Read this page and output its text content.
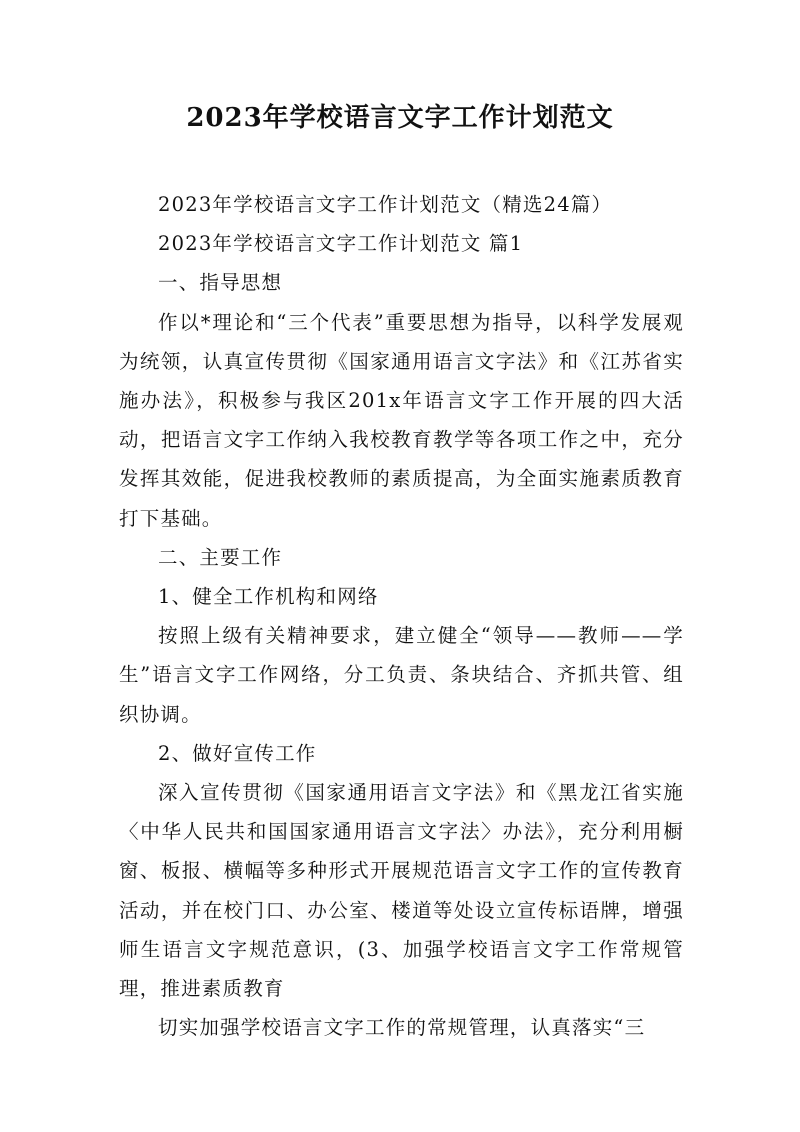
2023年学校语言文字工作计划范文

2023年学校语言文字工作计划范文（精选24篇）

2023年学校语言文字工作计划范文 篇1

一、指导思想

作以*理论和“三个代表”重要思想为指导，以科学发展观为统领，认真宣传贯彻《国家通用语言文字法》和《江苏省实施办法》，积极参与我区201x年语言文字工作开展的四大活动，把语言文字工作纳入我校教育教学等各项工作之中，充分发挥其效能，促进我校教师的素质提高，为全面实施素质教育打下基础。

二、主要工作

1、健全工作机构和网络

按照上级有关精神要求，建立健全“领导——教师——学生”语言文字工作网络，分工负责、条块结合、齐抓共管、组织协调。

2、做好宣传工作

深入宣传贯彻《国家通用语言文字法》和《黑龙江省实施〈中华人民共和国国家通用语言文字法〉办法》，充分利用橱窗、板报、横幅等多种形式开展规范语言文字工作的宣传教育活动，并在校门口、办公室、楼道等处设立宣传标语牌，增强师生语言文字规范意识，(3、加强学校语言文字工作常规管理，推进素质教育

切实加强学校语言文字工作的常规管理，认真落实“三
